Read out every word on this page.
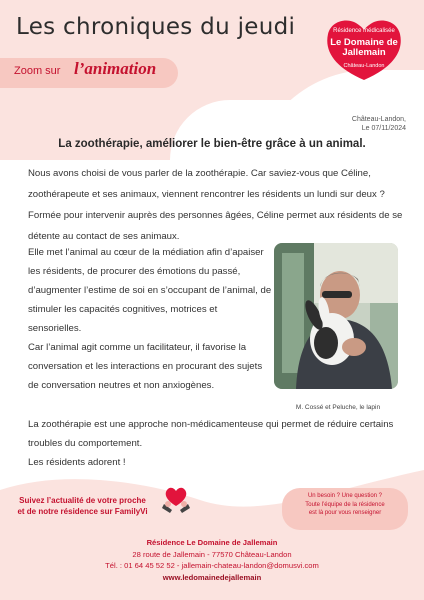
Les chroniques du jeudi
Zoom sur l’animation
Résidence médicalisée
Le Domaine de Jallemain
Château-Landon
Château-Landon,
Le 07/11/2024
La zoothérapie, améliorer le bien-être grâce à un animal.
Nous avons choisi de vous parler de la zoothérapie. Car saviez-vous que Céline, zoothérapeute et ses animaux, viennent rencontrer les résidents un lundi sur deux ? Formée pour intervenir auprès des personnes âgées, Céline permet aux résidents de se détente au contact de ses animaux.
Elle met l’animal au cœur de la médiation afin d’apaiser les résidents, de procurer des émotions du passé, d’augmenter l’estime de soi en s’occupant de l’animal, de stimuler les capacités cognitives, motrices et sensorielles.
Car l’animal agit comme un facilitateur, il favorise la conversation et les interactions en procurant des sujets de conversation neutres et non anxiogènes.
M. Cossé et Peluche, le lapin
La zoothérapie est une approche non-médicamenteuse qui permet de réduire certains troubles du comportement.
Les résidents adorent !
Suivez l’actualité de votre proche
et de notre résidence sur FamilyVi
Un besoin ? Une question ?
Toute l’équipe de la résidence
est là pour vous renseigner
Résidence Le Domaine de Jallemain
28 route de Jallemain - 77570 Château-Landon
Tél. : 01 64 45 52 52 - jallemain-chateau-landon@domusvi.com
www.ledomainedejallemain
